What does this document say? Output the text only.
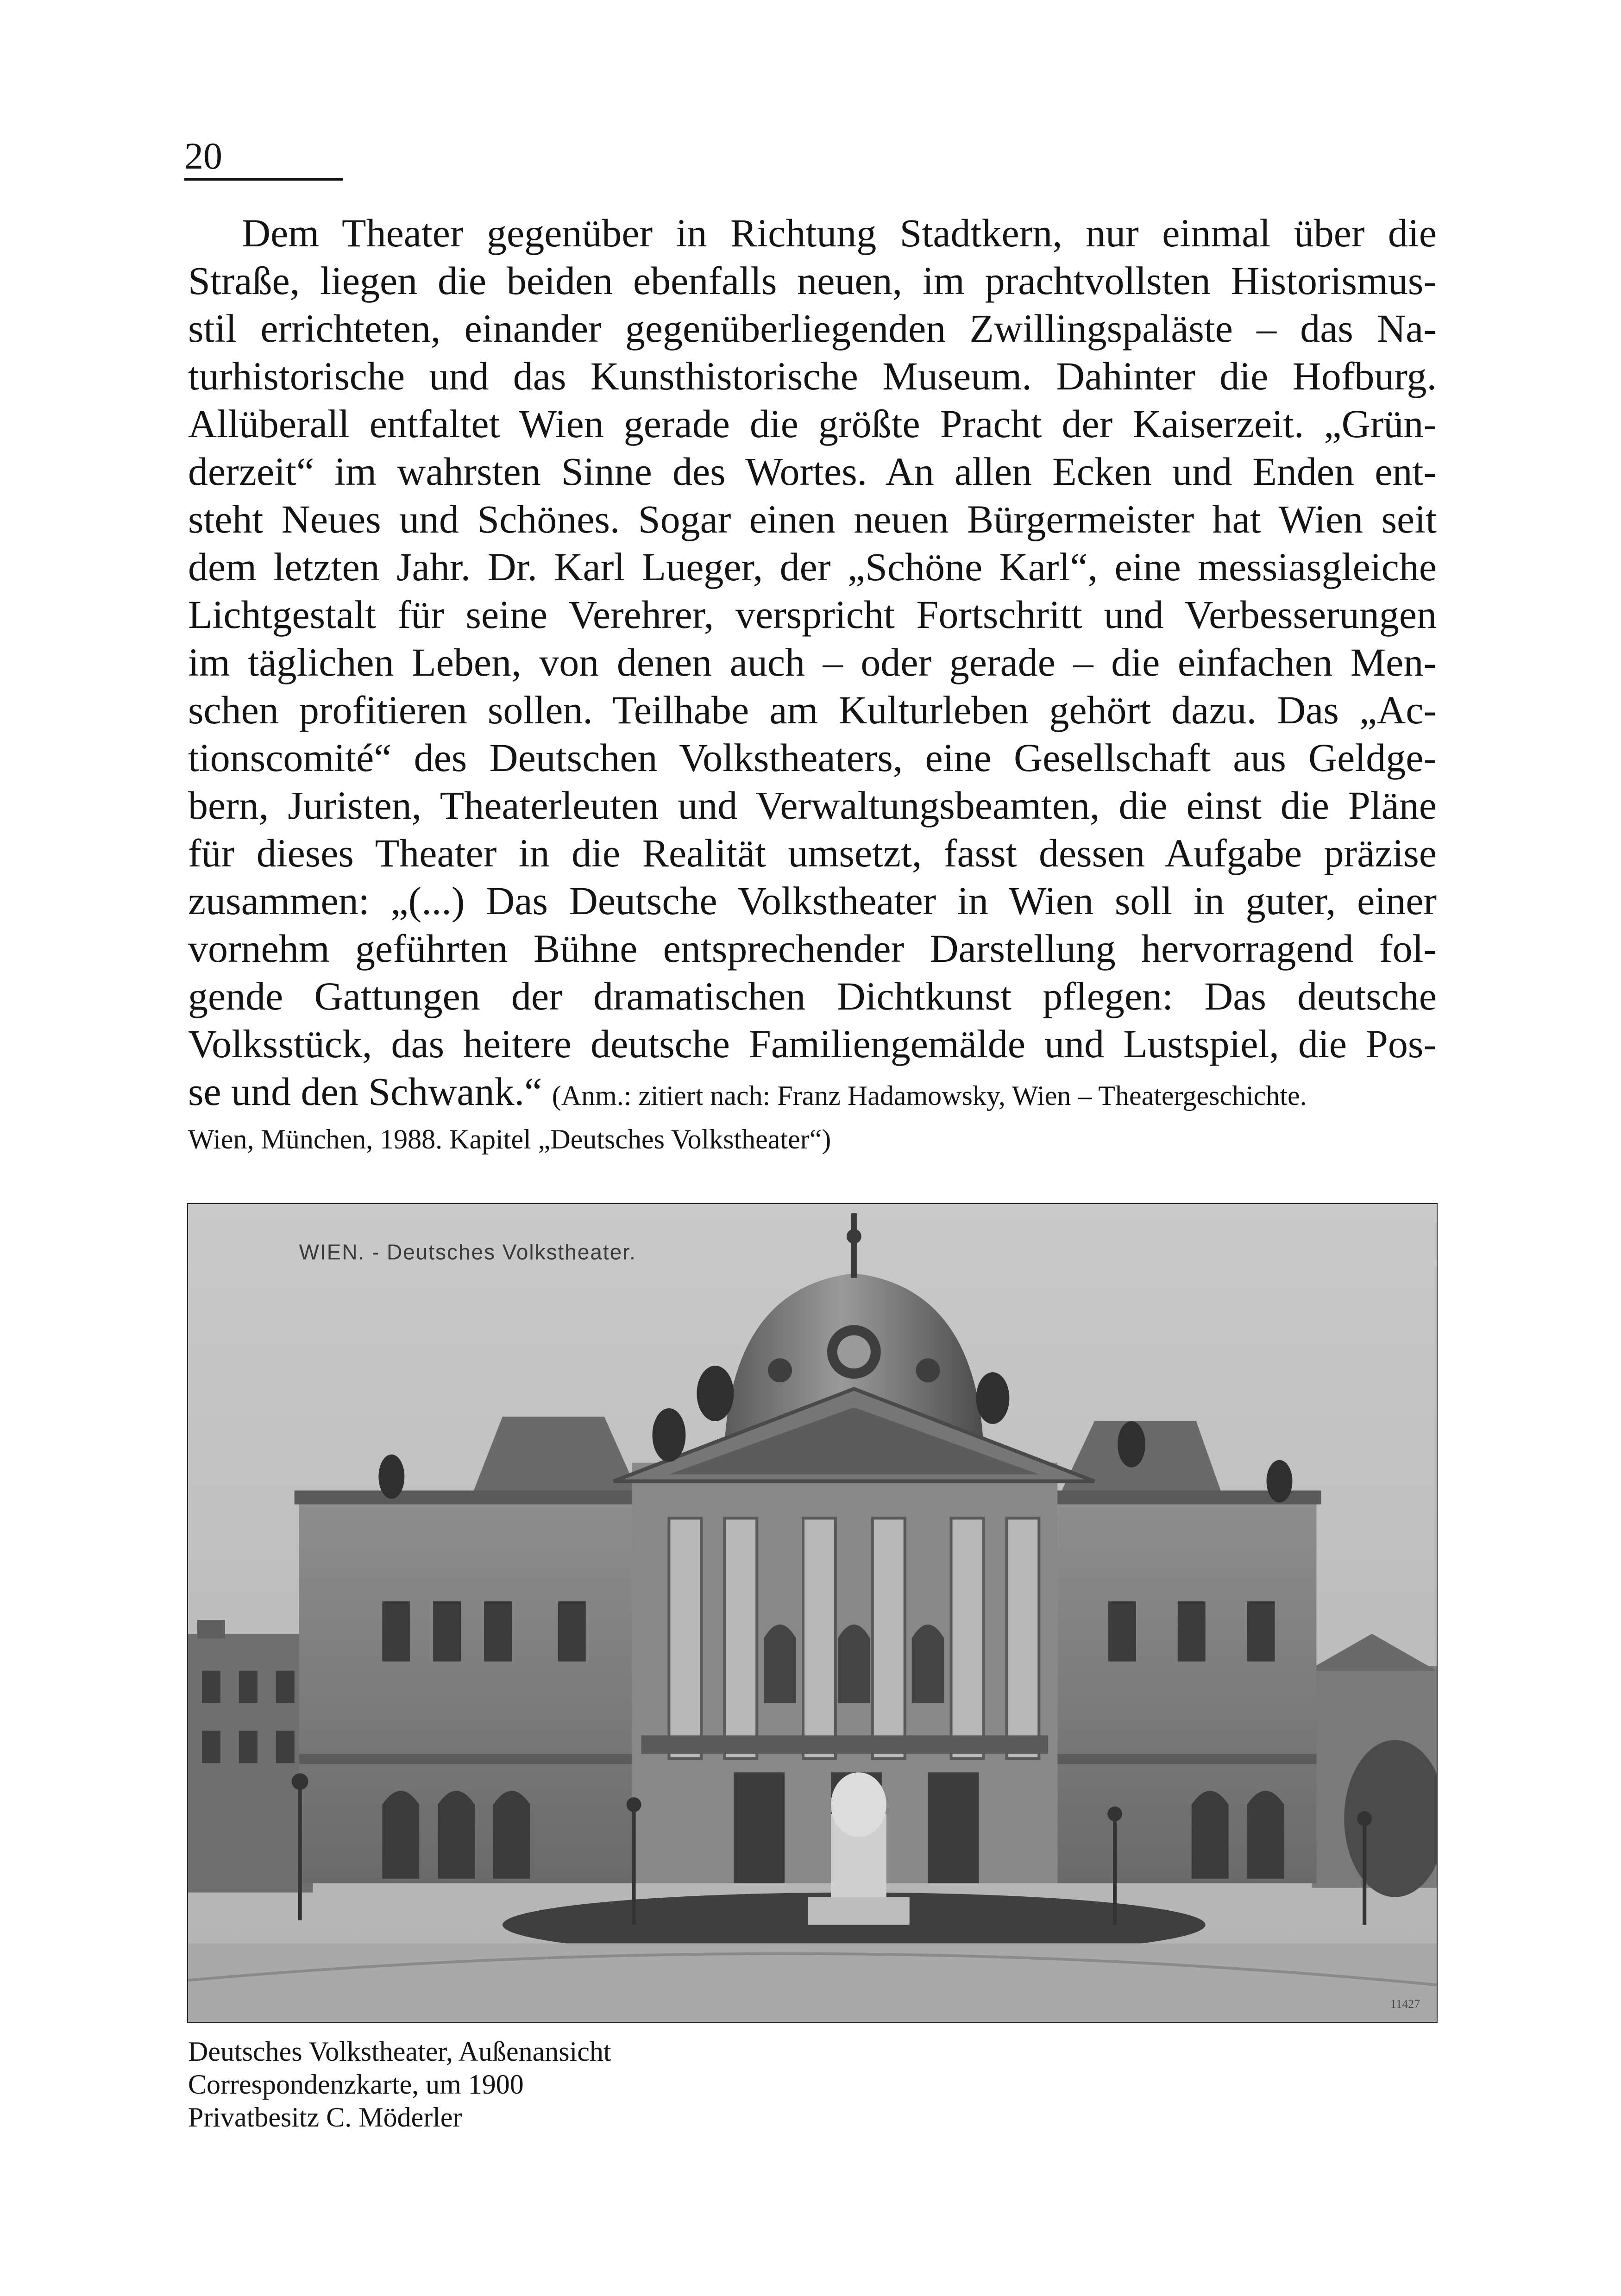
20
Dem Theater gegenüber in Richtung Stadtkern, nur einmal über die
Straße, liegen die beiden ebenfalls neuen, im prachtvollsten Historismus-
stil errichteten, einander gegenüberliegenden Zwillingspaläste – das Na-
turhistorische und das Kunsthistorische Museum. Dahinter die Hofburg.
Allüberall entfaltet Wien gerade die größte Pracht der Kaiserzeit. „Grün-
derzeit“ im wahrsten Sinne des Wortes. An allen Ecken und Enden ent-
steht Neues und Schönes. Sogar einen neuen Bürgermeister hat Wien seit
dem letzten Jahr. Dr. Karl Lueger, der „Schöne Karl“, eine messiasgleiche
Lichtgestalt für seine Verehrer, verspricht Fortschritt und Verbesserungen
im täglichen Leben, von denen auch – oder gerade – die einfachen Men-
schen profitieren sollen. Teilhabe am Kulturleben gehört dazu. Das „Ac-
tionscomité“ des Deutschen Volkstheaters, eine Gesellschaft aus Geldge-
bern, Juristen, Theaterleuten und Verwaltungsbeamten, die einst die Pläne
für dieses Theater in die Realität umsetzt, fasst dessen Aufgabe präzise
zusammen: „(...) Das Deutsche Volkstheater in Wien soll in guter, einer
vornehm geführten Bühne entsprechender Darstellung hervorragend fol-
gende Gattungen der dramatischen Dichtkunst pflegen: Das deutsche
Volksstück, das heitere deutsche Familiengemälde und Lustspiel, die Pos-
se und den Schwank.“ (Anm.: zitiert nach: Franz Hadamowsky, Wien – Theatergeschichte.
Wien, München, 1988. Kapitel „Deutsches Volkstheater“)
WIEN. - Deutsches Volkstheater.
11427
Deutsches Volkstheater, Außenansicht
Correspondenzkarte, um 1900
Privatbesitz C. Möderler
